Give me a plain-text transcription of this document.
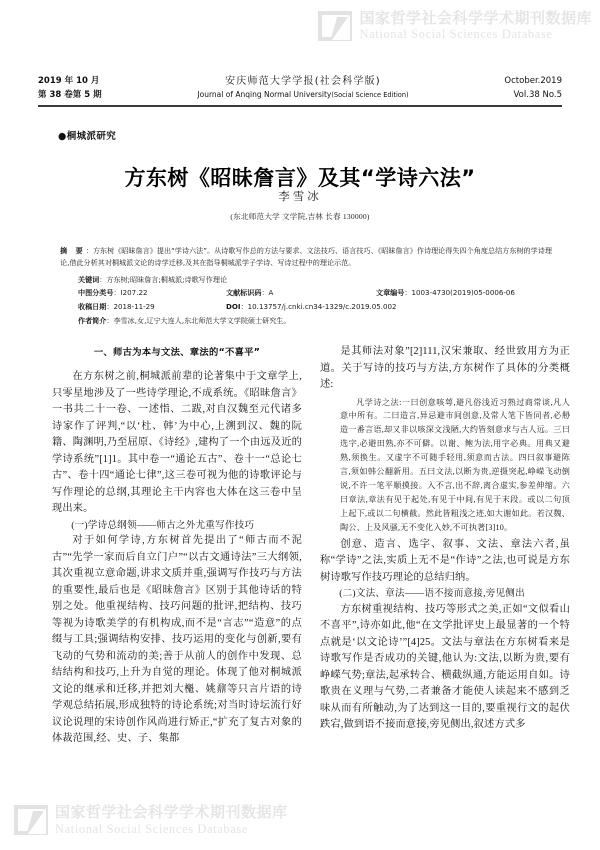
国家哲学社会科学学术期刊数据库
National Social Sciences Database
2019 年 10 月
第 38 卷第 5 期
安庆师范大学学报(社会科学版)
Journal of Anqing Normal University(Social Science Edition)
October.2019
Vol.38 No.5
●桐城派研究
方东树《昭昧詹言》及其“学诗六法”
李雪冰
(东北师范大学 文学院,吉林 长春 130000)
摘 要：方东树《昭昧詹言》提出“学诗六法”。从诗歌写作总的方法与要求、文法技巧、语言技巧、《昭昧詹言》作诗理论得失四个角度总结方东树的学诗理论,借此分析其对桐城派文论的诗学迁移,及其在指导桐城派学子学诗、写诗过程中的理论示范。
关键词：方东树;昭昧詹言;桐城派;诗歌写作理论
中图分类号：I207.22	文献标识码：A	文章编号：1003-4730(2019)05-0006-06
收稿日期：2018-11-29	DOI：10.13757/j.cnki.cn34-1329/c.2019.05.002
作者简介：李雪冰,女,辽宁大连人,东北师范大学文学院硕士研究生。
一、师古为本与文法、章法的“不喜平”

在方东树之前,桐城派前辈的论著集中于文章学上,只零星地涉及了一些诗学理论,不成系统。《昭昧詹言》一书共二十一卷、一述恉、二跋,对自汉魏至元代诸多诗家作了评判,“以‘杜、韩’为中心,上溯到汉、魏的阮籍、陶渊明,乃至屈原、《诗经》,建构了一个由远及近的学诗系统”[1]1。其中卷一“通论五古”、卷十一“总论七古”、卷十四“通论七律”,这三卷可视为他的诗歌评论与写作理论的总纲,其理论主干内容也大体在这三卷中呈现出来。

(一)学诗总纲领——师古之外尤重写作技巧

对于如何学诗,方东树首先提出了“师古而不泥古”“先学一家而后自立门户”“以古文通诗法”三大纲领,其次重视立意命题,讲求文质并重,强调写作技巧与方法的重要性,最后也是《昭昧詹言》区别于其他诗话的特别之处。他重视结构、技巧问题的批评,把结构、技巧等视为诗歌美学的有机构成,而不是“言志”“造意”的点缀与工具;强调结构安排、技巧运用的变化与创新,要有飞动的气势和流动的美;善于从前人的创作中发现、总结结构和技巧,上升为自觉的理论。体现了他对桐城派文论的继承和迁移,并把刘大櫆、姚鼐等只言片语的诗学观总结拓展,形成独特的诗论系统;对当时诗坛流行好议论说理的宋诗创作风尚进行矫正,“扩充了复古对象的体裁范围,经、史、子、集都

是其师法对象”[2]111,汉宋兼取、经世致用方为正道。关于写诗的技巧与方法,方东树作了具体的分类概述:

凡学诗之法:一曰创意咳萼,避凡俗浅近习熟过商常谈,凡人意中所有。二曰造言,异忌避市间创意,及常人笔下皆同者,必刱造一番言语,却又非以咳深文浅陋,大约皆刻意求与古人远。三曰选字,必避田熟,亦不可僻。以谢、鲍为法,用字必典。用典又避熟,须换生。又虚字不可随手轻用,须意而古法。四曰叙事避陈言,须如韩公翻新用。五曰文法,以断为贵,逆摄突起,峥嵘飞动倒说,不许一笔平顺摸接。入不言,出不辞,离合虚实,参差伸缩。六曰章法,章法有见于起处,有见于中间,有见于末段。或以二句顶上起下,或以二句横截。然此皆粗浅之迹,如大谢如此。若汉魏、陶公、上及风骚,无不变化入妙,不可执著[3]10。

创意、造言、选字、叙事、文法、章法六者,虽称“学诗”之法,实质上无不是“作诗”之法,也可说是方东树诗歌写作技巧理论的总结归纳。

(二)文法、章法——语不接而意接,旁见侧出

方东树重视结构、技巧等形式之美,正如“文似看山不喜平”,诗亦如此,他“在文学批评史上最显著的一个特点就是‘以文论诗’”[4]25。文法与章法在方东树看来是诗歌写作是否成功的关键,他认为:文法,以断为贵,要有峥嵘气势;章法,起承转合、横截纵通,方能运用自如。诗歌贵在义理与气势,二者兼备才能使人读起来不感到乏味从而有所触动,为了达到这一目的,要重视行文的起伏跌宕,做到语不接而意接,旁见侧出,叙述方式多

国家哲学社会科学学术期刊数据库
National Social Sciences Database
